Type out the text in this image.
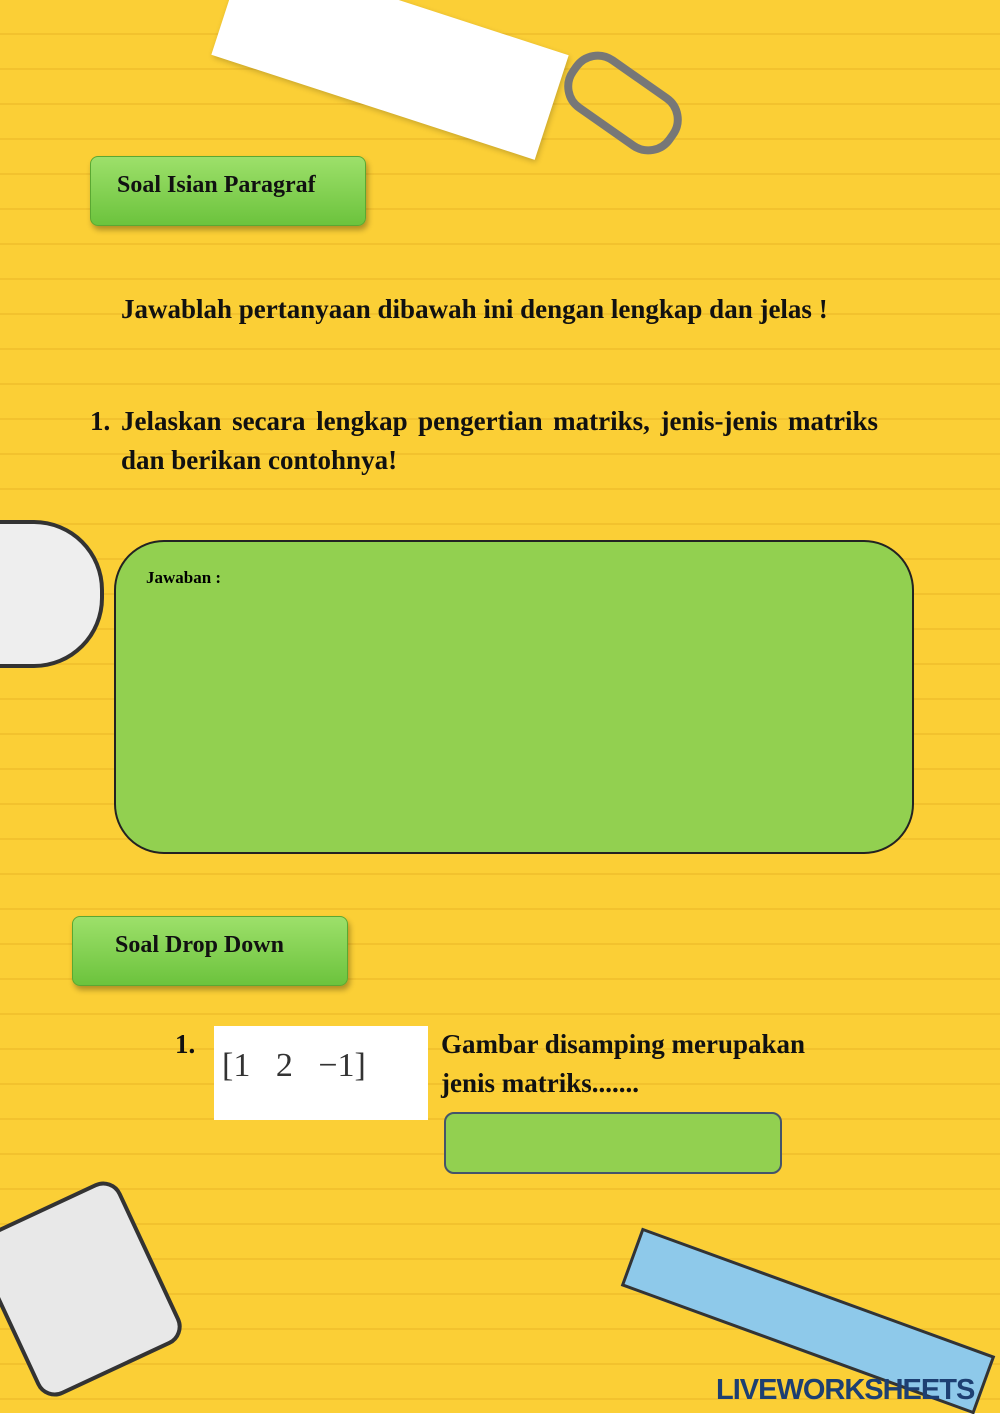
Soal Isian Paragraf
Jawablah pertanyaan dibawah ini dengan lengkap dan jelas !
1. Jelaskan secara lengkap pengertian matriks, jenis-jenis matriks dan berikan contohnya!
Jawaban :
Soal Drop Down
1.
[1   2   −1]
Gambar disamping merupakan jenis matriks.......
LIVEWORKSHEETS
